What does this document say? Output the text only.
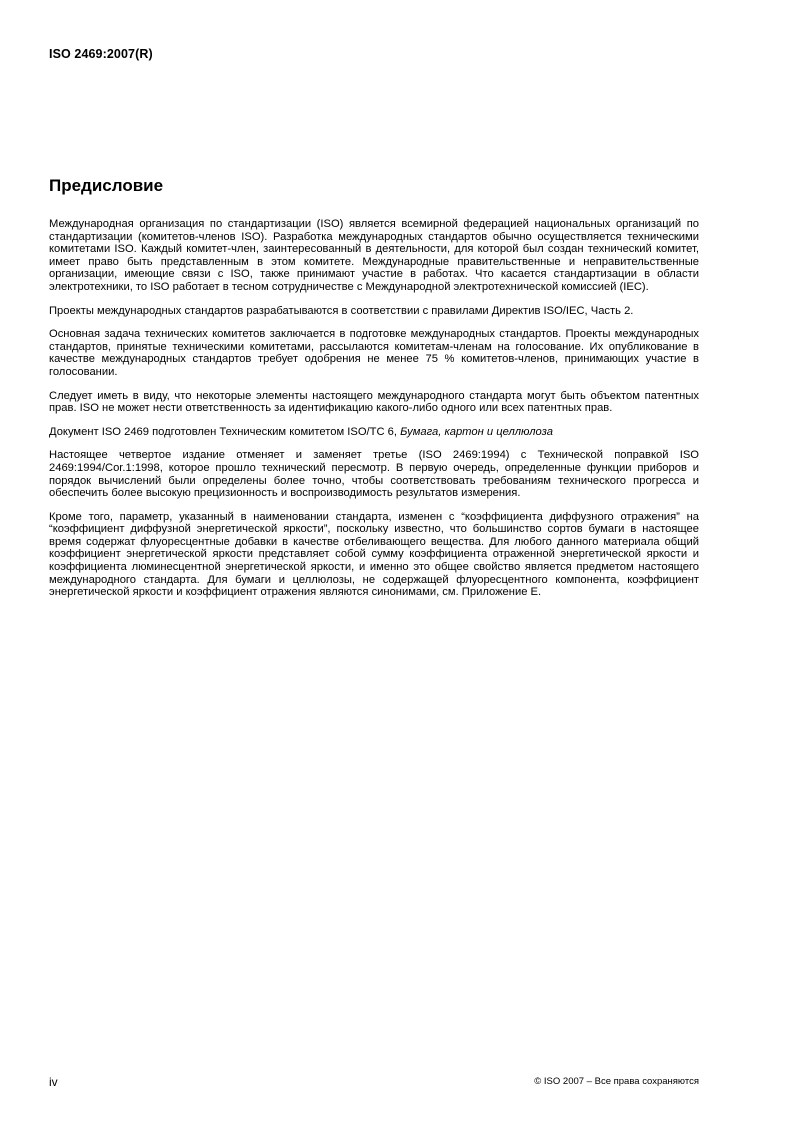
ISO 2469:2007(R)
Предисловие

Международная организация по стандартизации (ISO) является всемирной федерацией национальных организаций по стандартизации (комитетов-членов ISO). Разработка международных стандартов обычно осуществляется техническими комитетами ISO. Каждый комитет-член, заинтересованный в деятельности, для которой был создан технический комитет, имеет право быть представленным в этом комитете. Международные правительственные и неправительственные организации, имеющие связи с ISO, также принимают участие в работах. Что касается стандартизации в области электротехники, то ISO работает в тесном сотрудничестве с Международной электротехнической комиссией (IEC).

Проекты международных стандартов разрабатываются в соответствии с правилами Директив ISO/IEC, Часть 2.

Основная задача технических комитетов заключается в подготовке международных стандартов. Проекты международных стандартов, принятые техническими комитетами, рассылаются комитетам-членам на голосование. Их опубликование в качестве международных стандартов требует одобрения не менее 75 % комитетов-членов, принимающих участие в голосовании.

Следует иметь в виду, что некоторые элементы настоящего международного стандарта могут быть объектом патентных прав. ISO не может нести ответственность за идентификацию какого-либо одного или всех патентных прав.

Документ ISO 2469 подготовлен Техническим комитетом ISO/TC 6, Бумага, картон и целлюлоза

Настоящее четвертое издание отменяет и заменяет третье (ISO 2469:1994) с Технической поправкой ISO 2469:1994/Cor.1:1998, которое прошло технический пересмотр. В первую очередь, определенные функции приборов и порядок вычислений были определены более точно, чтобы соответствовать требованиям технического прогресса и обеспечить более высокую прецизионность и воспроизводимость результатов измерения.

Кроме того, параметр, указанный в наименовании стандарта, изменен с “коэффициента диффузного отражения” на “коэффициент диффузной энергетической яркости”, поскольку известно, что большинство сортов бумаги в настоящее время содержат флуоресцентные добавки в качестве отбеливающего вещества. Для любого данного материала общий коэффициент энергетической яркости представляет собой сумму коэффициента отраженной энергетической яркости и коэффициента люминесцентной энергетической яркости, и именно это общее свойство является предметом настоящего международного стандарта. Для бумаги и целлюлозы, не содержащей флуоресцентного компонента, коэффициент энергетической яркости и коэффициент отражения являются синонимами, см. Приложение E.

iv	© ISO 2007 – Все права сохраняются
